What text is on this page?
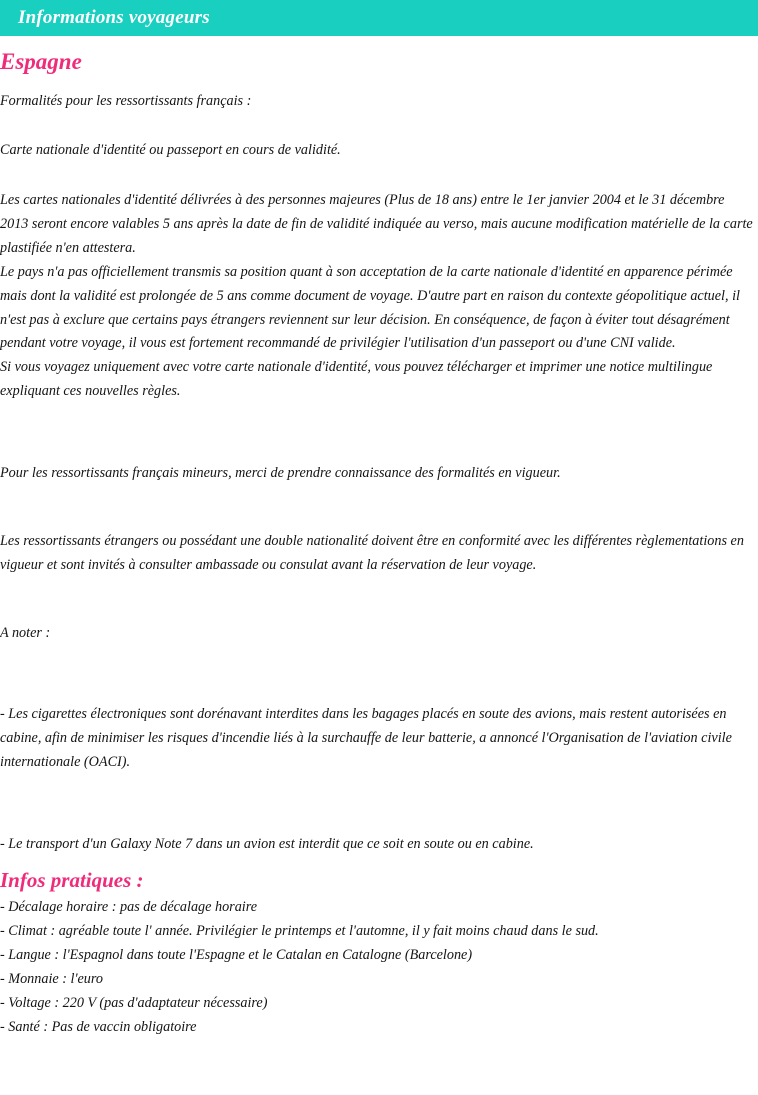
Informations voyageurs
Espagne

Formalités pour les ressortissants français :

Carte nationale d'identité ou passeport en cours de validité.

Les cartes nationales d'identité délivrées à des personnes majeures (Plus de 18 ans) entre le 1er janvier 2004 et le 31 décembre 2013 seront encore valables 5 ans après la date de fin de validité indiquée au verso, mais aucune modification matérielle de la carte plastifiée n'en attestera.

Le pays n'a pas officiellement transmis sa position quant à son acceptation de la carte nationale d'identité en apparence périmée mais dont la validité est prolongée de 5 ans comme document de voyage. D'autre part en raison du contexte géopolitique actuel, il n'est pas à exclure que certains pays étrangers reviennent sur leur décision. En conséquence, de façon à éviter tout désagrément pendant votre voyage, il vous est fortement recommandé de privilégier l'utilisation d'un passeport ou d'une CNI valide.

Si vous voyagez uniquement avec votre carte nationale d'identité, vous pouvez télécharger et imprimer une notice multilingue expliquant ces nouvelles règles.

Pour les ressortissants français mineurs, merci de prendre connaissance des formalités en vigueur.

Les ressortissants étrangers ou possédant une double nationalité doivent être en conformité avec les différentes règlementations en vigueur et sont invités à consulter ambassade ou consulat avant la réservation de leur voyage.

A noter :

- Les cigarettes électroniques sont dorénavant interdites dans les bagages placés en soute des avions, mais restent autorisées en cabine, afin de minimiser les risques d'incendie liés à la surchauffe de leur batterie, a annoncé l'Organisation de l'aviation civile internationale (OACI).

- Le transport d'un Galaxy Note 7 dans un avion est interdit que ce soit en soute ou en cabine.

Infos pratiques :

- Décalage horaire : pas de décalage horaire

- Climat : agréable toute l' année. Privilégier le printemps et l'automne, il y fait moins chaud dans le sud.

- Langue : l'Espagnol dans toute l'Espagne et le Catalan en Catalogne (Barcelone)

- Monnaie : l'euro

- Voltage : 220 V (pas d'adaptateur nécessaire)

- Santé : Pas de vaccin obligatoire
